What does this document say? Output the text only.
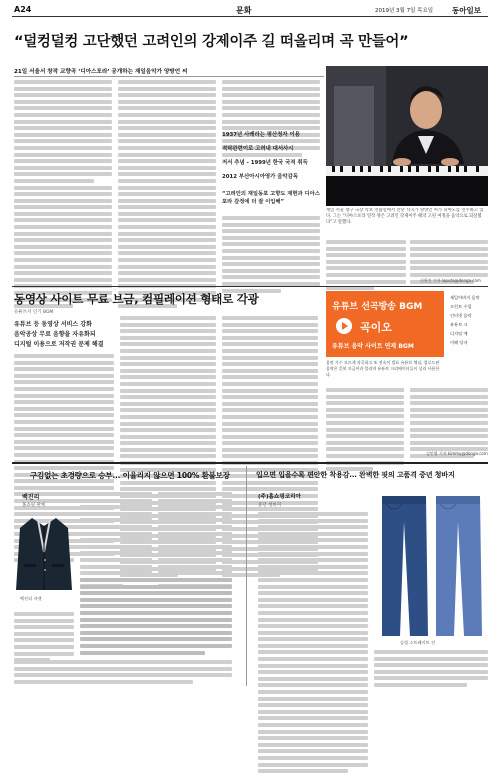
A24	문화	2019년 3월 7일 목요일	동아일보
“덜컹덜컹 고단했던 고려인의 강제이주 길 떠올리며 곡 만들어”
21일 서울서 창작 교향곡 ‘디아스포라’ 공개하는 재일음악가 양방언 씨
1937년 사례라는 평산청자 이용
적탁관련이로 고려내 대서사시
저서 추념 - 1999년 한국 국적 취득
2012 부산아시아영가 음악감독
“고려인의 재일동포 고향도 재현과 디아스포라 감정에 더 잘 이입해”
재일 서울 창구 극장 악보 연습실에서 만난 작곡가 양방언 씨가 피아노를 연주하고 있다. 그는 “디아스포라 연작 양은 고려인 강제이주 때의 고된 여정을 음악으로 되살렸다”고 말했다.
신원건 기자 laputa@donga.com
동영상 사이트 무료 브금, 컴필레이션 형태로 각광
유튜브서 인기 BGM
유튜브 등 동영상 서비스 강화
음악공상 무료 음향을 자유화되
디지털 이용으로 저작권 문제 해결
유튜브 선곡방송 BGM
곡이오
유튜브 음악 사이트 연재 BGM
음악 가수 모르게 작곡하고 또 전속이 발표 유튜브 채널, 업로드된 음악은 흔히 브금이라 불리며 유튜브 크리에이터들이 널리 사용한다.
제일아버지 음악
프런트 수입
인터넷 음악
유튜브 크
디지털 예
이해 당자
김민영 기자 kimmy@donga.com
구김없는 초경량으로 승부... 이율리지 않으면 100% 환불보장
백진리
홈쇼핑 판매
백진리 자켓
입으면 입을수록 편안한 착용감... 완벽한 핏의 고품격 중년 청바지
(주)홈쇼핑코리아
중년 청바지
슬림 스트레이트 진
